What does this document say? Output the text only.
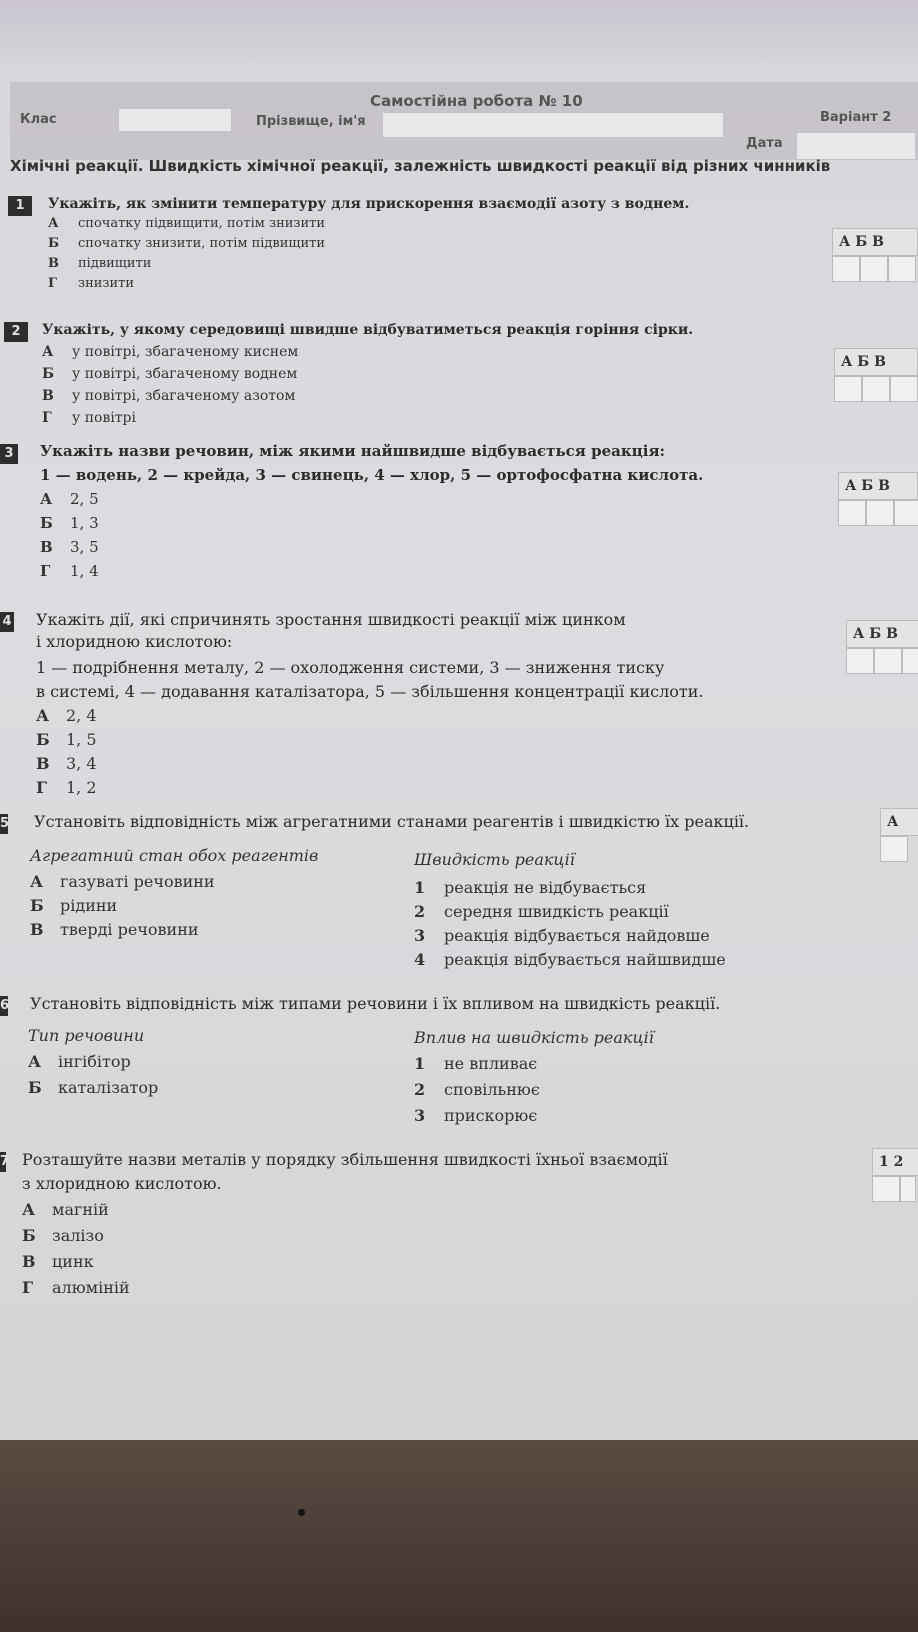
Самостійна робота № 10
Клас	Прізвище, ім'я	Варіант 2
Дата
Хімічні реакції. Швидкість хімічної реакції, залежність швидкості реакції від різних чинників
1	Укажіть, як змінити температуру для прискорення взаємодії азоту з воднем.
А спочатку підвищити, потім знизити
Б спочатку знизити, потім підвищити
В підвищити
Г знизити
А Б В
2	Укажіть, у якому середовищі швидше відбуватиметься реакція горіння сірки.
А у повітрі, збагаченому киснем
Б у повітрі, збагаченому воднем
В у повітрі, збагаченому азотом
Г у повітрі
А Б В
3 Укажіть назви речовин, між якими найшвидше відбувається реакція:
1 — водень, 2 — крейда, 3 — свинець, 4 — хлор, 5 — ортофосфатна кислота.
А 2, 5
Б 1, 3
В 3, 5
Г 1, 4
А Б В
4 Укажіть дії, які спричинять зростання швидкості реакції між цинком
і хлоридною кислотою:
1 — подрібнення металу, 2 — охолодження системи, 3 — зниження тиску
в системі, 4 — додавання каталізатора, 5 — збільшення концентрації кислоти.
А 2, 4
Б 1, 5
В 3, 4
Г 1, 2
А Б В
5 Установіть відповідність між агрегатними станами реагентів і швидкістю їх реакції.
Агрегатний стан обох реагентів	Швидкість реакції
А газуваті речовини
Б рідини
В тверді речовини
1 реакція не відбувається
2 середня швидкість реакції
3 реакція відбувається найдовше
4 реакція відбувається найшвидше
А
6 Установіть відповідність між типами речовини і їх впливом на швидкість реакції.
Тип речовини	Вплив на швидкість реакції
А інгібітор
Б каталізатор
1 не впливає
2 сповільнює
3 прискорює
7 Розташуйте назви металів у порядку збільшення швидкості їхньої взаємодії
з хлоридною кислотою.
А магній
Б залізо
В цинк
Г алюміній
1 2
